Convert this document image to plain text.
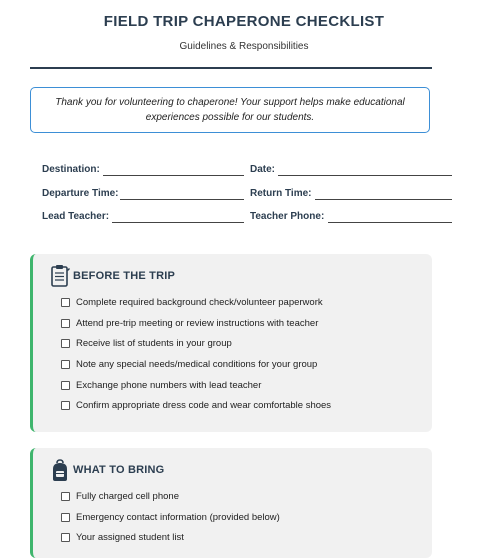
FIELD TRIP CHAPERONE CHECKLIST
Guidelines & Responsibilities
Thank you for volunteering to chaperone! Your support helps make educational experiences possible for our students.
Destination:	Date:
Departure Time:	Return Time:
Lead Teacher:	Teacher Phone:
BEFORE THE TRIP
Complete required background check/volunteer paperwork
Attend pre-trip meeting or review instructions with teacher
Receive list of students in your group
Note any special needs/medical conditions for your group
Exchange phone numbers with lead teacher
Confirm appropriate dress code and wear comfortable shoes
WHAT TO BRING
Fully charged cell phone
Emergency contact information (provided below)
Your assigned student list
